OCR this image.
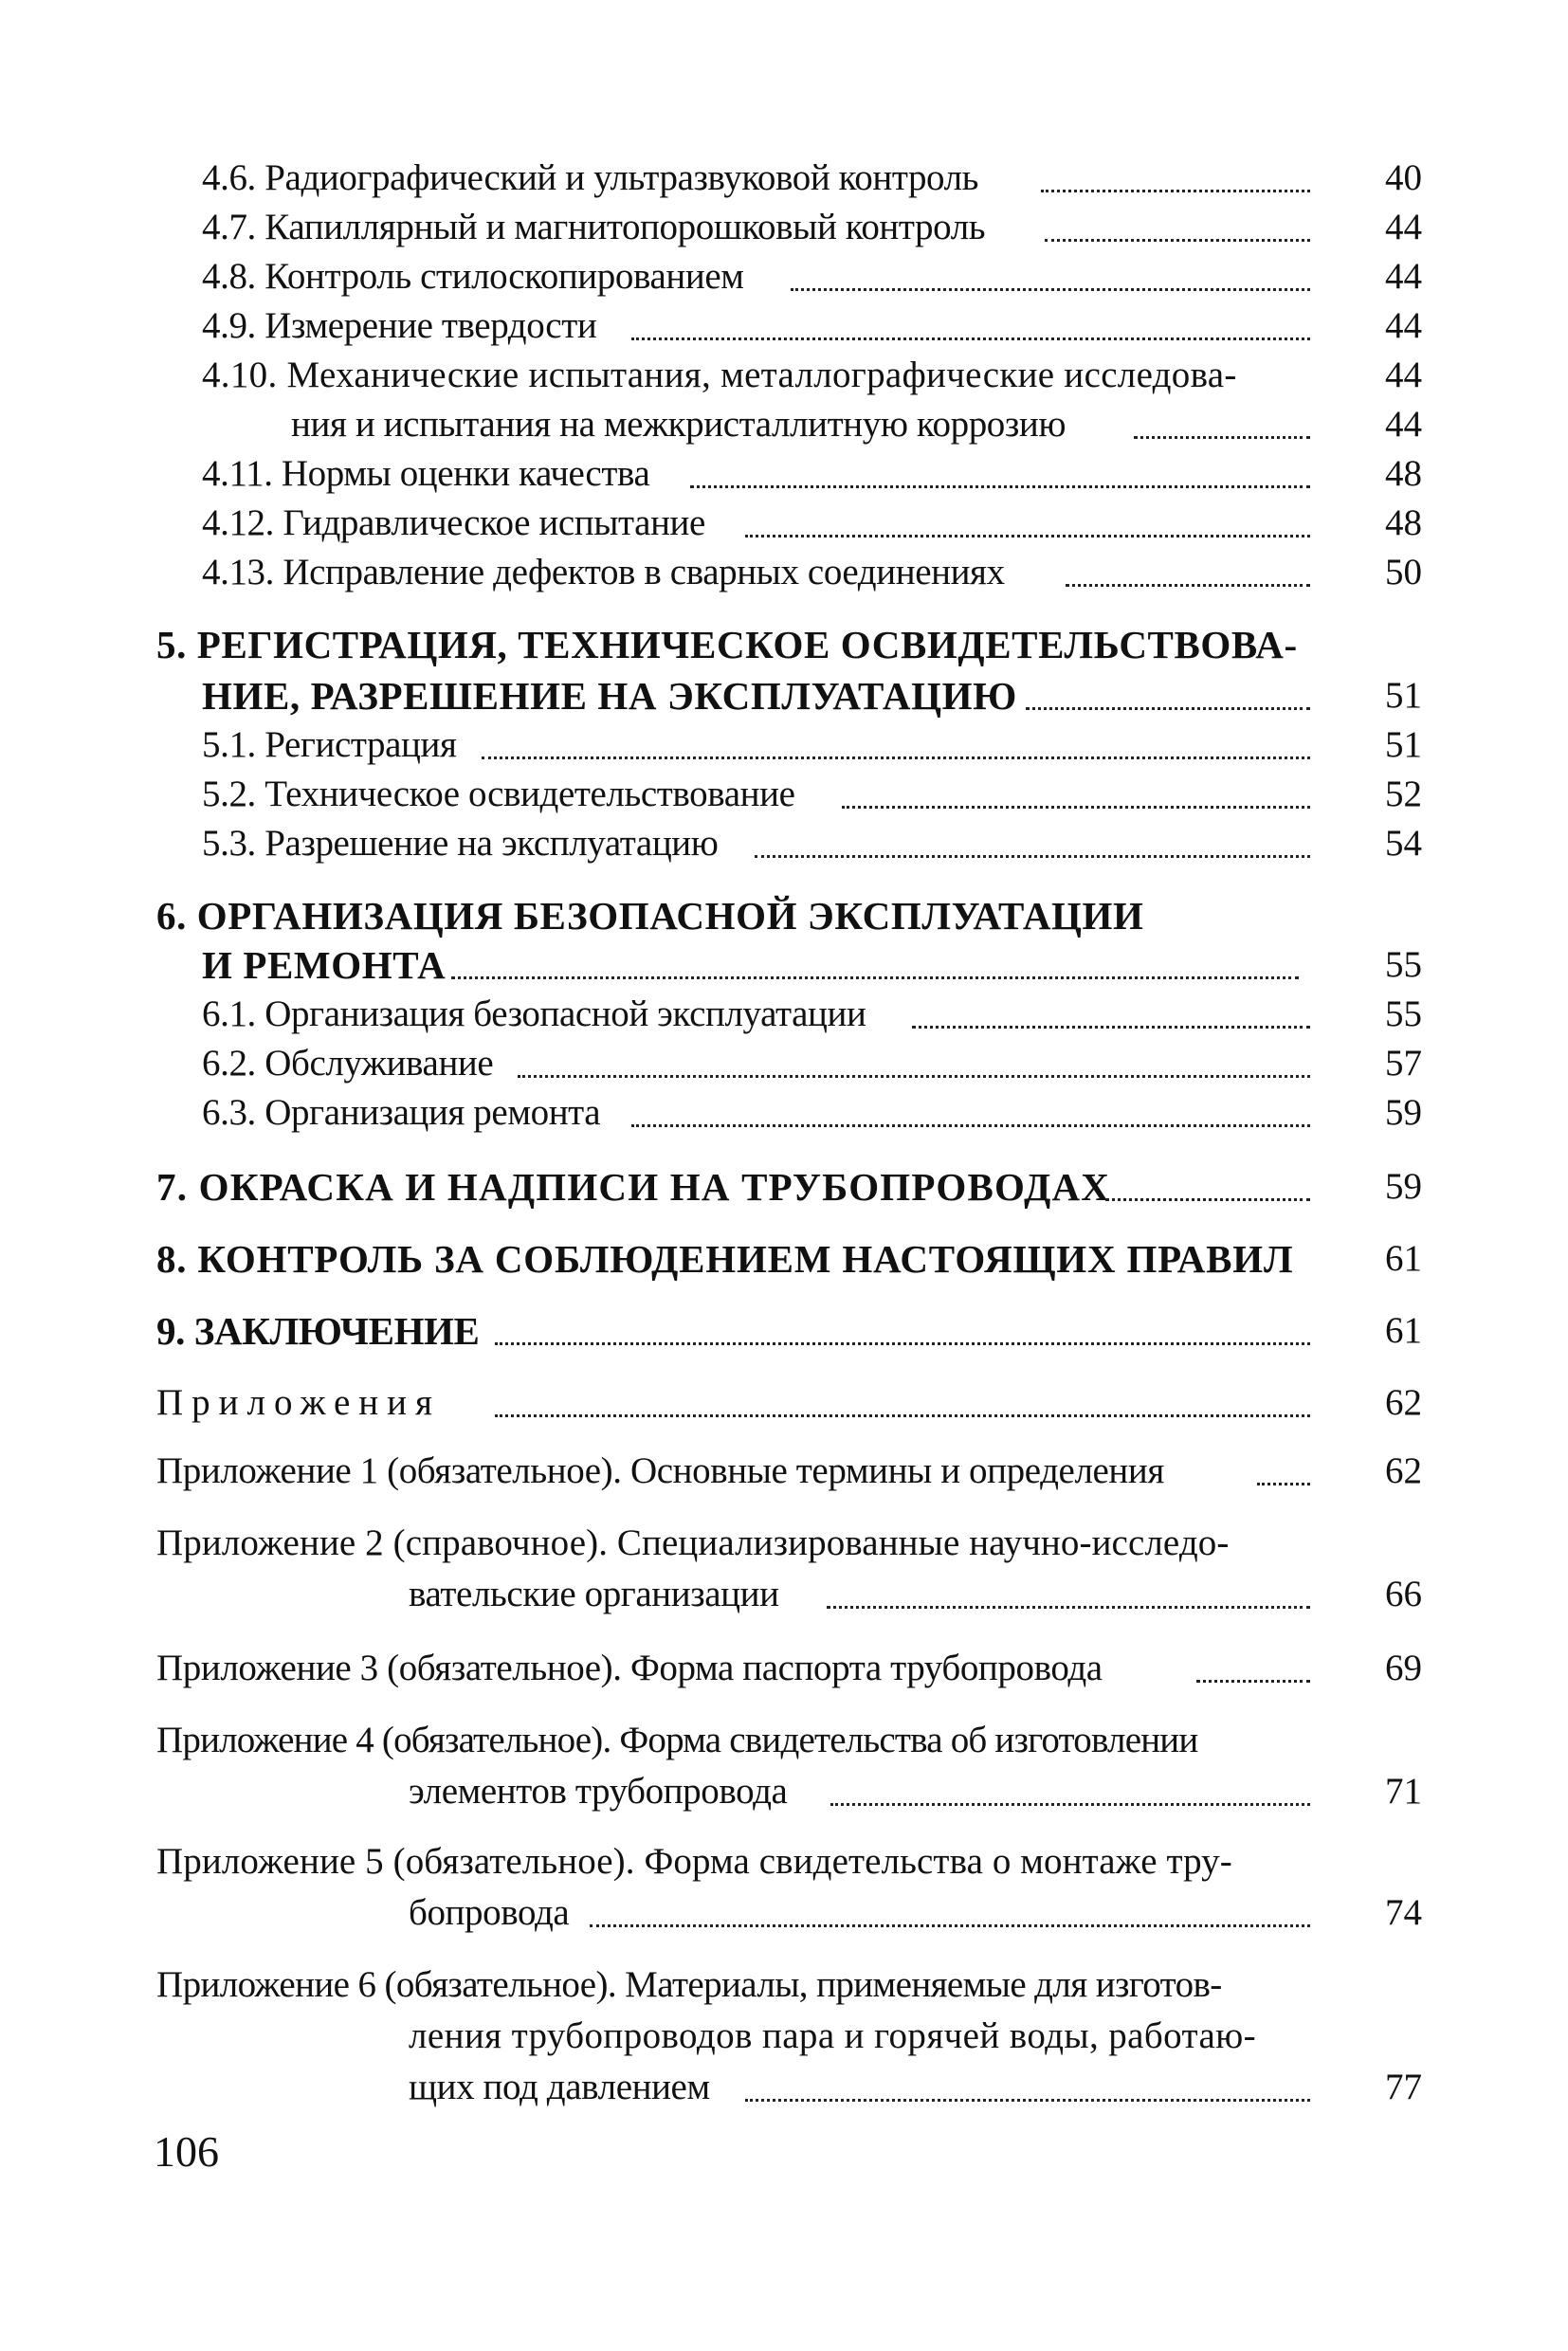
4.6. Радиографический и ультразвуковой контроль	40
4.7. Капиллярный и магнитопорошковый контроль	44
4.8. Контроль стилоскопированием	44
4.9. Измерение твердости	44
4.10. Механические испытания, металлографические исследова-	44
ния и испытания на межкристаллитную коррозию	44
4.11. Нормы оценки качества	48
4.12. Гидравлическое испытание	48
4.13. Исправление дефектов в сварных соединениях	50
5. РЕГИСТРАЦИЯ, ТЕХНИЧЕСКОЕ ОСВИДЕТЕЛЬСТВОВА-
НИЕ, РАЗРЕШЕНИЕ НА ЭКСПЛУАТАЦИЮ	51
5.1. Регистрация	51
5.2. Техническое освидетельствование	52
5.3. Разрешение на эксплуатацию	54
6. ОРГАНИЗАЦИЯ БЕЗОПАСНОЙ ЭКСПЛУАТАЦИИ
И РЕМОНТА	55
6.1. Организация безопасной эксплуатации	55
6.2. Обслуживание	57
6.3. Организация ремонта	59
7. ОКРАСКА И НАДПИСИ НА ТРУБОПРОВОДАХ	59
8. КОНТРОЛЬ ЗА СОБЛЮДЕНИЕМ НАСТОЯЩИХ ПРАВИЛ	61
9. ЗАКЛЮЧЕНИЕ	61
Приложения	62
Приложение 1 (обязательное). Основные термины и определения	62
Приложение 2 (справочное). Специализированные научно-исследо-
вательские организации	66
Приложение 3 (обязательное). Форма паспорта трубопровода	69
Приложение 4 (обязательное). Форма свидетельства об изготовлении
элементов трубопровода	71
Приложение 5 (обязательное). Форма свидетельства о монтаже тру-
бопровода	74
Приложение 6 (обязательное). Материалы, применяемые для изготов-
ления трубопроводов пара и горячей воды, работаю-
щих под давлением	77
106
